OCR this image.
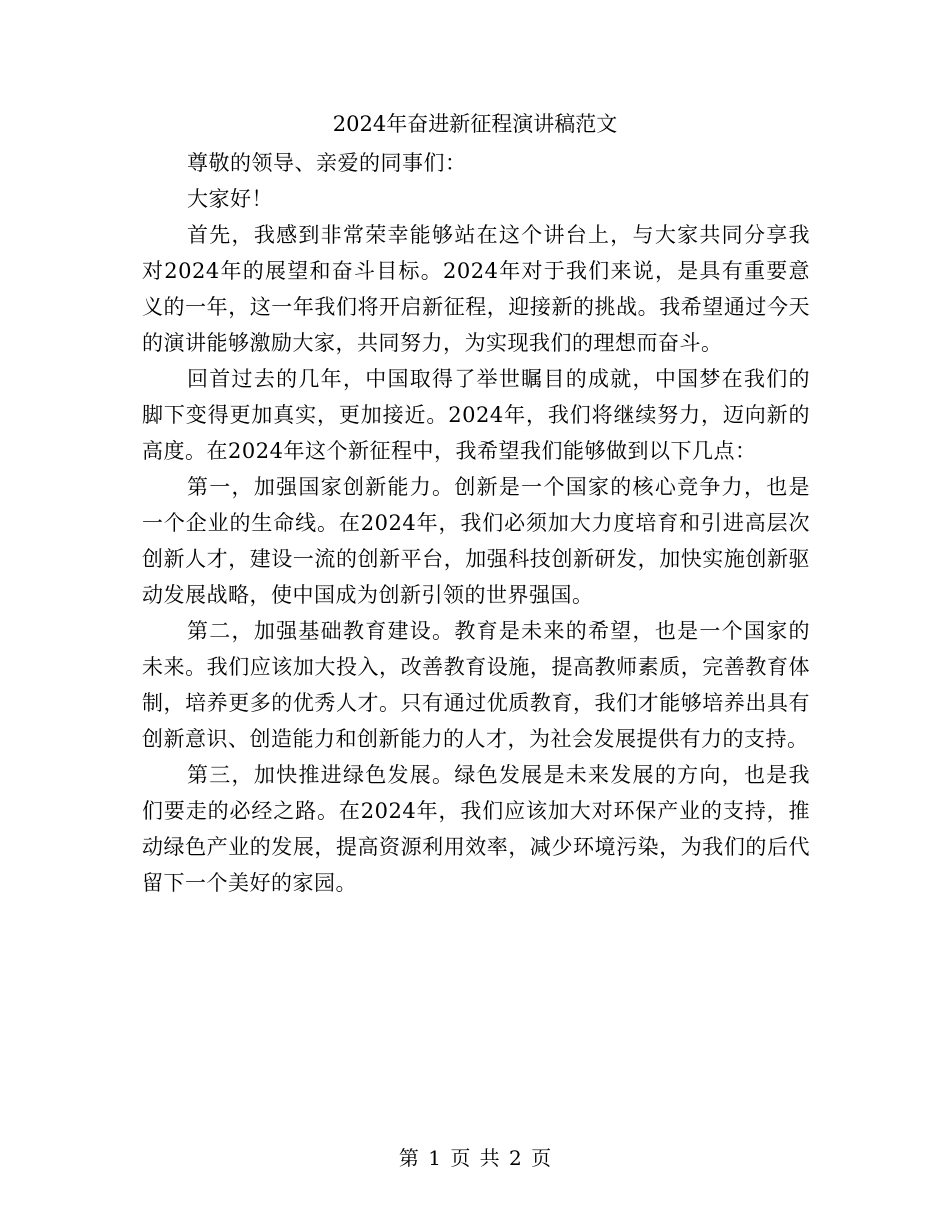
2024年奋进新征程演讲稿范文

尊敬的领导、亲爱的同事们：

大家好！

首先，我感到非常荣幸能够站在这个讲台上，与大家共同分享我对2024年的展望和奋斗目标。2024年对于我们来说，是具有重要意义的一年，这一年我们将开启新征程，迎接新的挑战。我希望通过今天的演讲能够激励大家，共同努力，为实现我们的理想而奋斗。

回首过去的几年，中国取得了举世瞩目的成就，中国梦在我们的脚下变得更加真实，更加接近。2024年，我们将继续努力，迈向新的高度。在2024年这个新征程中，我希望我们能够做到以下几点：

第一，加强国家创新能力。创新是一个国家的核心竞争力，也是一个企业的生命线。在2024年，我们必须加大力度培育和引进高层次创新人才，建设一流的创新平台，加强科技创新研发，加快实施创新驱动发展战略，使中国成为创新引领的世界强国。

第二，加强基础教育建设。教育是未来的希望，也是一个国家的未来。我们应该加大投入，改善教育设施，提高教师素质，完善教育体制，培养更多的优秀人才。只有通过优质教育，我们才能够培养出具有创新意识、创造能力和创新能力的人才，为社会发展提供有力的支持。

第三，加快推进绿色发展。绿色发展是未来发展的方向，也是我们要走的必经之路。在2024年，我们应该加大对环保产业的支持，推动绿色产业的发展，提高资源利用效率，减少环境污染，为我们的后代留下一个美好的家园。

第 1 页 共 2 页
